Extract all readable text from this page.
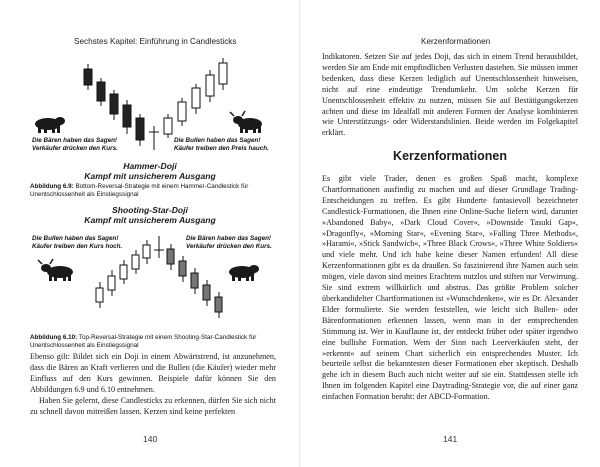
Sechstes Kapitel: Einführung in Candlesticks
Die Bären haben das Sagen!
Verkäufer drücken den Kurs.
Die Bullen haben das Sagen!
Käufer treiben den Preis hauch.
Hammer-Doji
Kampf mit unsicherem Ausgang
Abbildung 6.9: Bottom-Reversal-Strategie mit einem Hammer-Candlestick für Unentschlossenheit als Einstiegssignal
Shooting-Star-Doji
Kampf mit unsicherem Ausgang
Die Bullen haben das Sagen!
Käufer treiben den Kurs hoch.
Die Bären haben das Sagen!
Verkäufer drücken den Kurs.
Abbildung 6.10: Top-Reversal-Strategie mit einem Shooting-Star-Candlestick für Unentschlossenheit als Einstiegssignal

Ebenso gilt: Bildet sich ein Doji in einem Abwärtstrend, ist anzunehmen, dass die Bären an Kraft verlieren und die Bullen (die Käufer) wieder mehr Einfluss auf den Kurs gewinnen. Beispiele dafür können Sie den Abbildungen 6.9 und 6.10 entnehmen.

Haben Sie gelernt, diese Candlesticks zu erkennen, dürfen Sie sich nicht zu schnell davon mitreißen lassen. Kerzen sind keine perfekten

140
Kerzenformationen

Indikatoren. Setzen Sie auf jedes Doji, das sich in einem Trend herausbildet, werden Sie am Ende mit empfindlichen Verlusten dastehen. Sie müssen immer bedenken, dass diese Kerzen lediglich auf Unentschlossenheit hinweisen, nicht auf eine eindeutige Trendumkehr. Um solche Kerzen für Unentschlossenheit effektiv zu nutzen, müssen Sie auf Bestätigungskerzen achten und diese im Idealfall mit anderen Formen der Analyse kombinieren wie Unterstützungs- oder Widerstandslinien. Beide werden im Folgekapitel erklärt.

Es gibt viele Trader, denen es großen Spaß macht, komplexe Chartformationen ausfindig zu machen und auf dieser Grundlage Trading-Entscheidungen zu treffen. Es gibt Hunderte fantasievoll bezeichneter Candlestick-Formationen, die Ihnen eine Online-Suche liefern wird, darunter »Abandoned Baby«, »Dark Cloud Cover«, »Downside Tasuki Gap«, »Dragonfly«, »Morning Star«, »Evening Star«, »Falling Three Methods«, »Harami«, »Stick Sandwich«, »Three Black Crows«, »Three White Soldiers« und viele mehr. Und ich habe keine dieser Namen erfunden! All diese Kerzenformationen gibt es da draußen. So faszinierend ihre Namen auch sein mögen, viele davon sind meines Erachtens nutzlos und stiften nur Verwirrung. Sie sind extrem willkürlich und abstrus. Das größte Problem solcher überkandidelter Chartformationen ist »Wunschdenken«, wie es Dr. Alexander Elder formulierte. Sie werden feststellen, wie leicht sich Bullen- oder Bärenformationen erkennen lassen, wenn man in der entsprechenden Stimmung ist. Wer in Kauflaune ist, der entdeckt früher oder später irgendwo eine bullishe Formation. Wem der Sinn nach Leerverkäufen steht, der »erkennt« auf seinem Chart sicherlich ein entsprechendes Muster. Ich beurteile selbst die bekanntesten dieser Formationen eher skeptisch. Deshalb gehe ich in diesem Buch auch nicht weiter auf sie ein. Stattdessen stelle ich Ihnen im folgenden Kapitel eine Daytrading-Strategie vor, die auf einer ganz einfachen Formation beruht: der ABCD-Formation.

141
Kerzenformationen
